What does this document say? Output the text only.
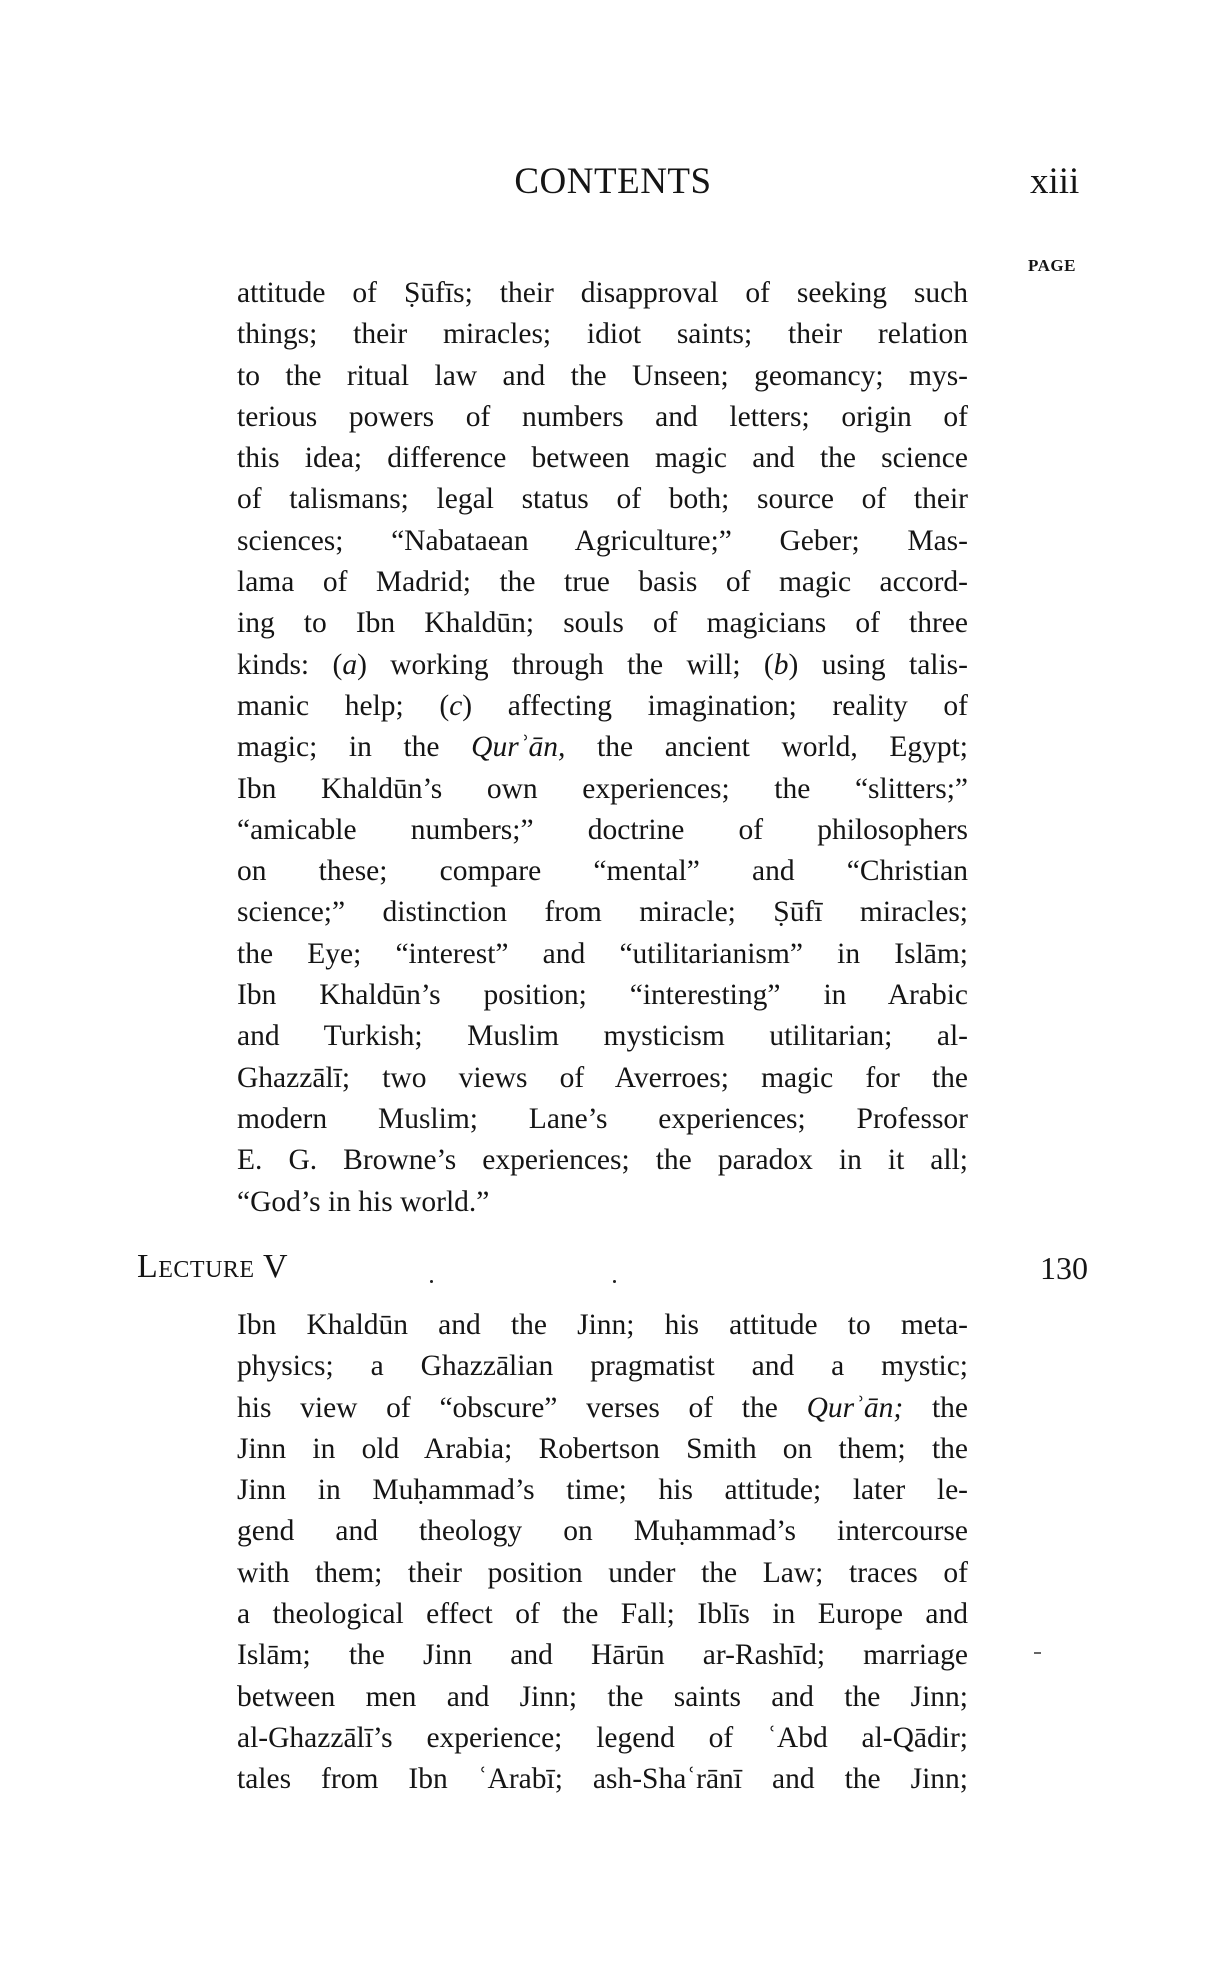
CONTENTS	xiii
PAGE
attitude of Ṣūfīs; their disapproval of seeking such
things; their miracles; idiot saints; their relation
to the ritual law and the Unseen; geomancy; mys-
terious powers of numbers and letters; origin of
this idea; difference between magic and the science
of talismans; legal status of both; source of their
sciences; “Nabataean Agriculture;” Geber; Mas-
lama of Madrid; the true basis of magic accord-
ing to Ibn Khaldūn; souls of magicians of three
kinds: (a) working through the will; (b) using talis-
manic help; (c) affecting imagination; reality of
magic; in the Qurʾān, the ancient world, Egypt;
Ibn Khaldūn’s own experiences; the “slitters;”
“amicable numbers;” doctrine of philosophers
on these; compare “mental” and “Christian
science;” distinction from miracle; Ṣūfī miracles;
the Eye; “interest” and “utilitarianism” in Islām;
Ibn Khaldūn’s position; “interesting” in Arabic
and Turkish; Muslim mysticism utilitarian; al-
Ghazzālī; two views of Averroes; magic for the
modern Muslim; Lane’s experiences; Professor
E. G. Browne’s experiences; the paradox in it all;
“God’s in his world.”
Lecture V	130
Ibn Khaldūn and the Jinn; his attitude to meta-
physics; a Ghazzālian pragmatist and a mystic;
his view of “obscure” verses of the Qurʾān; the
Jinn in old Arabia; Robertson Smith on them; the
Jinn in Muḥammad’s time; his attitude; later le-
gend and theology on Muḥammad’s intercourse
with them; their position under the Law; traces of
a theological effect of the Fall; Iblīs in Europe and
Islām; the Jinn and Hārūn ar-Rashīd; marriage
between men and Jinn; the saints and the Jinn;
al-Ghazzālī’s experience; legend of ʿAbd al-Qādir;
tales from Ibn ʿArabī; ash-Shaʿrānī and the Jinn;
